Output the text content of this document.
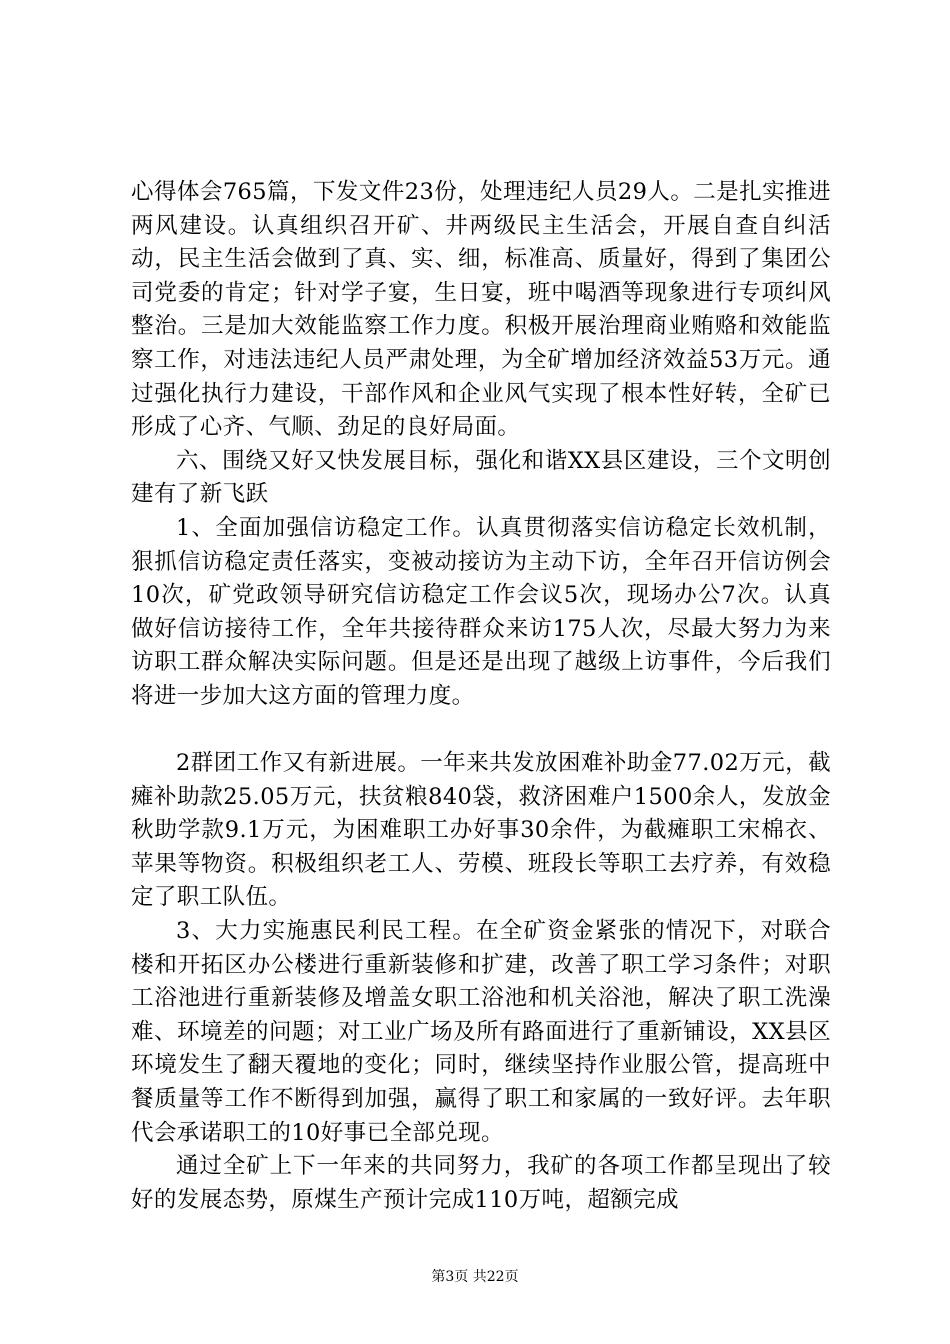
心得体会765篇，下发文件23份，处理违纪人员29人。二是扎实推进两风建设。认真组织召开矿、井两级民主生活会，开展自查自纠活动，民主生活会做到了真、实、细，标准高、质量好，得到了集团公司党委的肯定；针对学子宴，生日宴，班中喝酒等现象进行专项纠风整治。三是加大效能监察工作力度。积极开展治理商业贿赂和效能监察工作，对违法违纪人员严肃处理，为全矿增加经济效益53万元。通过强化执行力建设，干部作风和企业风气实现了根本性好转，全矿已形成了心齐、气顺、劲足的良好局面。

六、围绕又好又快发展目标，强化和谐XX县区建设，三个文明创建有了新飞跃

1、全面加强信访稳定工作。认真贯彻落实信访稳定长效机制，狠抓信访稳定责任落实，变被动接访为主动下访，全年召开信访例会10次，矿党政领导研究信访稳定工作会议5次，现场办公7次。认真做好信访接待工作，全年共接待群众来访175人次，尽最大努力为来访职工群众解决实际问题。但是还是出现了越级上访事件，今后我们将进一步加大这方面的管理力度。

2群团工作又有新进展。一年来共发放困难补助金77.02万元，截瘫补助款25.05万元，扶贫粮840袋，救济困难户1500余人，发放金秋助学款9.1万元，为困难职工办好事30余件，为截瘫职工宋棉衣、苹果等物资。积极组织老工人、劳模、班段长等职工去疗养，有效稳定了职工队伍。

3、大力实施惠民利民工程。在全矿资金紧张的情况下，对联合楼和开拓区办公楼进行重新装修和扩建，改善了职工学习条件；对职工浴池进行重新装修及增盖女职工浴池和机关浴池，解决了职工洗澡难、环境差的问题；对工业广场及所有路面进行了重新铺设，XX县区环境发生了翻天覆地的变化；同时，继续坚持作业服公管，提高班中餐质量等工作不断得到加强，赢得了职工和家属的一致好评。去年职代会承诺职工的10好事已全部兑现。

通过全矿上下一年来的共同努力，我矿的各项工作都呈现出了较好的发展态势，原煤生产预计完成110万吨，超额完成

第3页 共22页
